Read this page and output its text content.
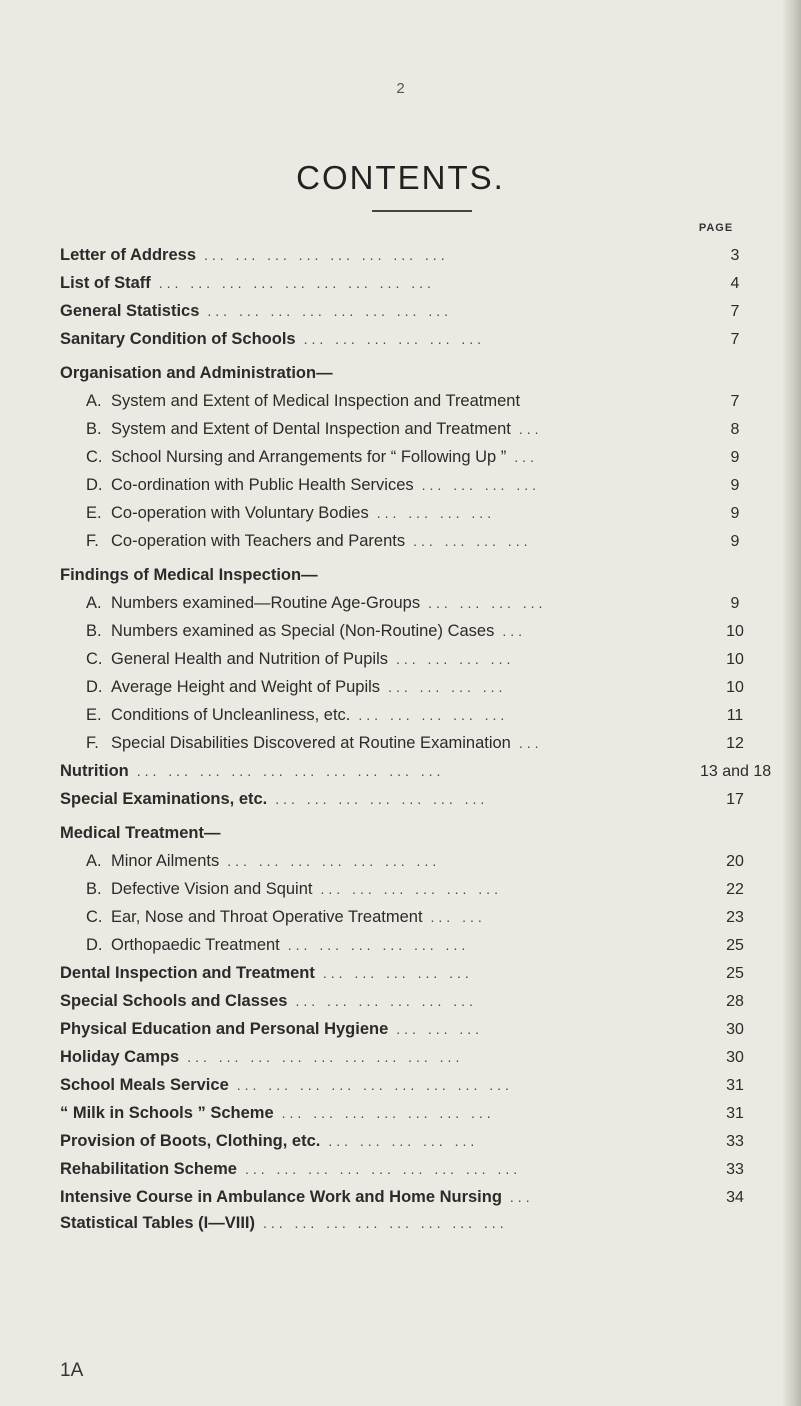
2
CONTENTS.
PAGE
Letter of Address ... ... ... ... ... ... ... ...	3
List of Staff ... ... ... ... ... ... ... ... ...	4
General Statistics ... ... ... ... ... ... ... ...	7
Sanitary Condition of Schools ... ... ... ... ... ...	7
Organisation and Administration—
A. System and Extent of Medical Inspection and Treatment	7
B. System and Extent of Dental Inspection and Treatment ...	8
C. School Nursing and Arrangements for “ Following Up ” ...	9
D. Co-ordination with Public Health Services ... ... ... ...	9
E. Co-operation with Voluntary Bodies ... ... ... ...	9
F. Co-operation with Teachers and Parents ... ... ... ...	9
Findings of Medical Inspection—
A. Numbers examined—Routine Age-Groups ... ... ... ...	9
B. Numbers examined as Special (Non-Routine) Cases ...	10
C. General Health and Nutrition of Pupils ... ... ... ...	10
D. Average Height and Weight of Pupils ... ... ... ...	10
E. Conditions of Uncleanliness, etc. ... ... ... ... ...	11
F. Special Disabilities Discovered at Routine Examination ...	12
Nutrition ... ... ... ... ... ... ... ... ... ...	13 and 18
Special Examinations, etc. ... ... ... ... ... ... ...	17
Medical Treatment—
A. Minor Ailments ... ... ... ... ... ... ...	20
B. Defective Vision and Squint ... ... ... ... ... ...	22
C. Ear, Nose and Throat Operative Treatment ... ...	23
D. Orthopaedic Treatment ... ... ... ... ... ...	25
Dental Inspection and Treatment ... ... ... ... ...	25
Special Schools and Classes ... ... ... ... ... ...	28
Physical Education and Personal Hygiene ... ... ...	30
Holiday Camps ... ... ... ... ... ... ... ... ...	30
School Meals Service ... ... ... ... ... ... ... ... ...	31
“ Milk in Schools ” Scheme ... ... ... ... ... ... ...	31
Provision of Boots, Clothing, etc. ... ... ... ... ...	33
Rehabilitation Scheme ... ... ... ... ... ... ... ... ...	33
Intensive Course in Ambulance Work and Home Nursing ...	34
Statistical Tables (I—VIII) ... ... ... ... ... ... ... ...
1A
